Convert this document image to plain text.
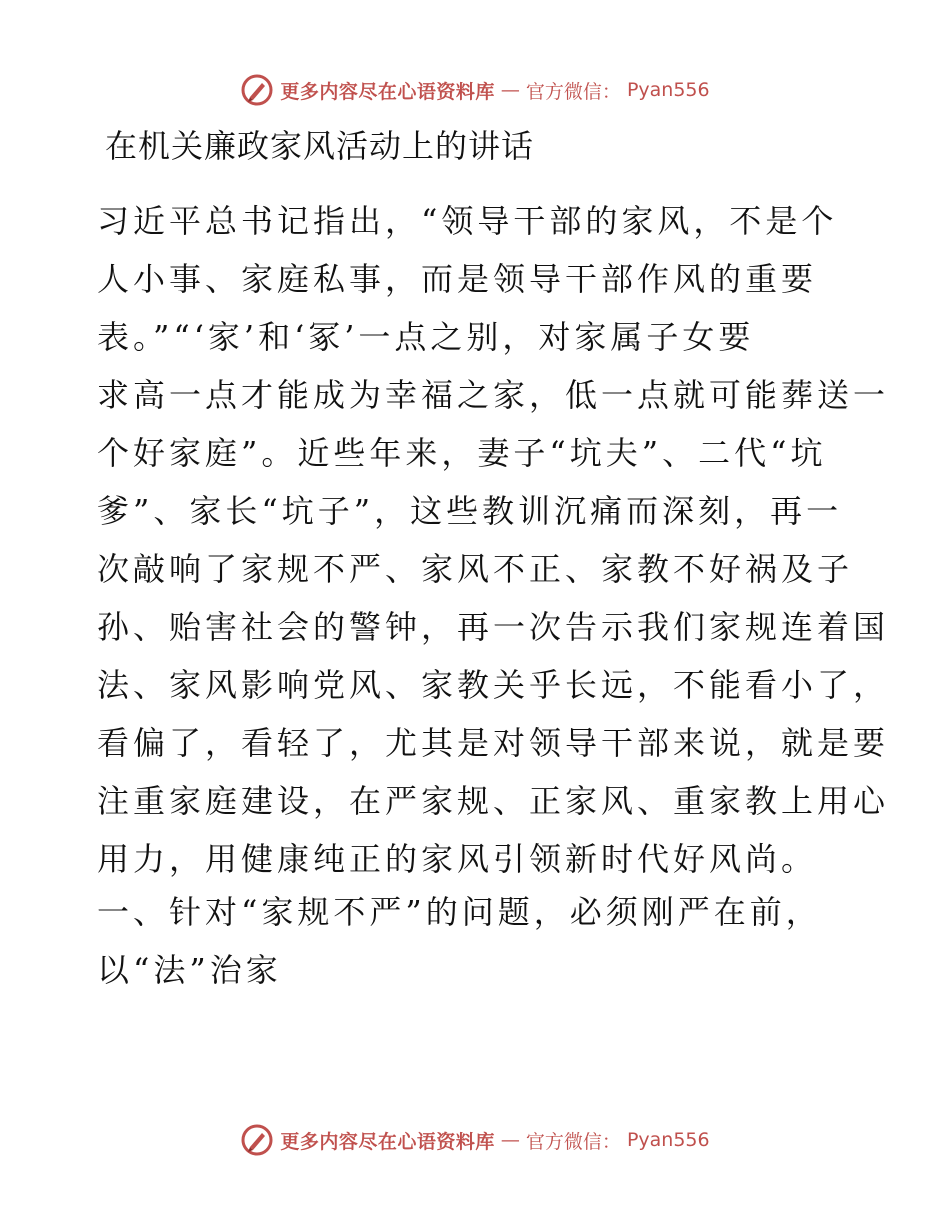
更多内容尽在心语资料库 — 官方微信： Pyan556
在机关廉政家风活动上的讲话
习近平总书记指出，“领导干部的家风，不是个
人小事、家庭私事，而是领导干部作风的重要
表。”“‘家’和‘冢’一点之别，对家属子女要
求高一点才能成为幸福之家，低一点就可能葬送一
个好家庭”。近些年来，妻子“坑夫”、二代“坑
爹”、家长“坑子”，这些教训沉痛而深刻，再一
次敲响了家规不严、家风不正、家教不好祸及子
孙、贻害社会的警钟，再一次告示我们家规连着国
法、家风影响党风、家教关乎长远，不能看小了，
看偏了，看轻了，尤其是对领导干部来说，就是要
注重家庭建设，在严家规、正家风、重家教上用心
用力，用健康纯正的家风引领新时代好风尚。
一、针对“家规不严”的问题，必须刚严在前，
以“法”治家
更多内容尽在心语资料库 — 官方微信： Pyan556
